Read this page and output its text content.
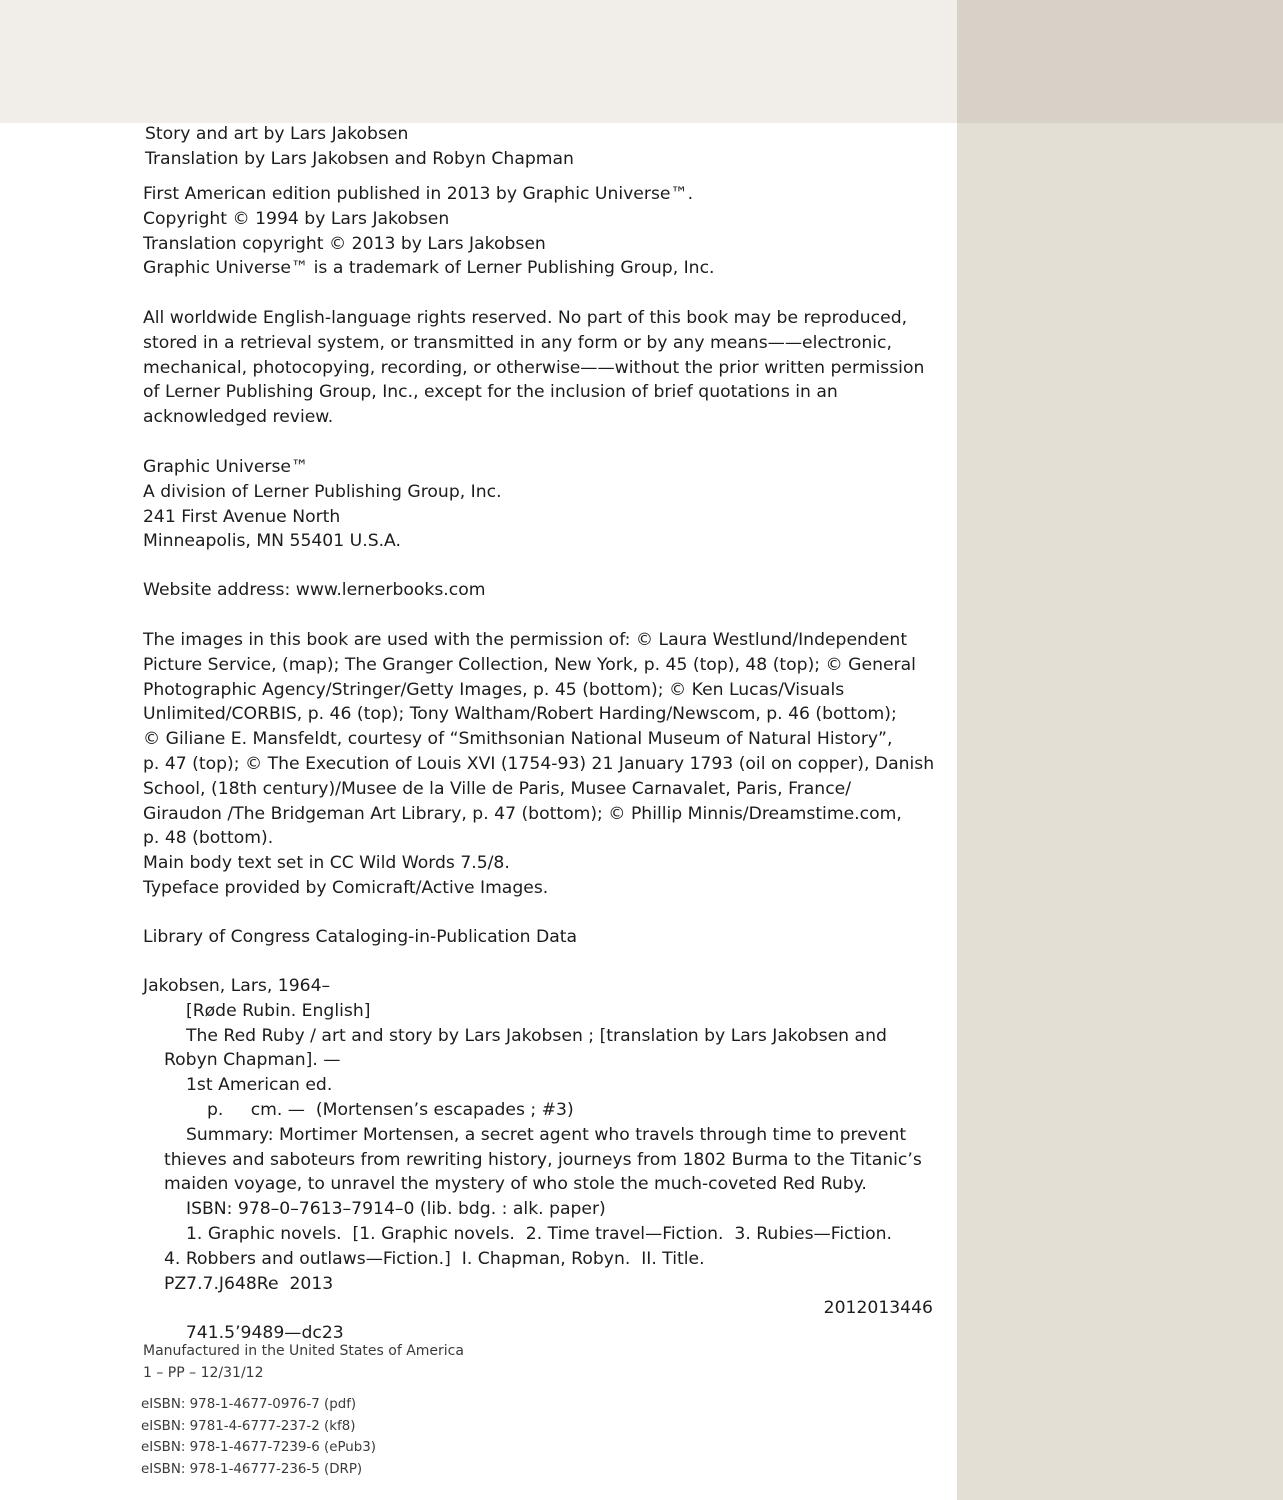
Story and art by Lars Jakobsen
Translation by Lars Jakobsen and Robyn Chapman
First American edition published in 2013 by Graphic Universe™.
Copyright © 1994 by Lars Jakobsen
Translation copyright © 2013 by Lars Jakobsen
Graphic Universe™ is a trademark of Lerner Publishing Group, Inc.
All worldwide English-language rights reserved. No part of this book may be reproduced,
stored in a retrieval system, or transmitted in any form or by any means——electronic,
mechanical, photocopying, recording, or otherwise——without the prior written permission
of Lerner Publishing Group, Inc., except for the inclusion of brief quotations in an
acknowledged review.
Graphic Universe™
A division of Lerner Publishing Group, Inc.
241 First Avenue North
Minneapolis, MN 55401 U.S.A.
Website address: www.lernerbooks.com
The images in this book are used with the permission of: © Laura Westlund/Independent
Picture Service, (map); The Granger Collection, New York, p. 45 (top), 48 (top); © General
Photographic Agency/Stringer/Getty Images, p. 45 (bottom); © Ken Lucas/Visuals
Unlimited/CORBIS, p. 46 (top); Tony Waltham/Robert Harding/Newscom, p. 46 (bottom);
© Giliane E. Mansfeldt, courtesy of “Smithsonian National Museum of Natural History”,
p. 47 (top); © The Execution of Louis XVI (1754-93) 21 January 1793 (oil on copper), Danish
School, (18th century)/Musee de la Ville de Paris, Musee Carnavalet, Paris, France/
Giraudon /The Bridgeman Art Library, p. 47 (bottom); © Phillip Minnis/Dreamstime.com,
p. 48 (bottom).
Main body text set in CC Wild Words 7.5/8.
Typeface provided by Comicraft/Active Images.
Library of Congress Cataloging-in-Publication Data
Jakobsen, Lars, 1964–
[Røde Rubin. English]
The Red Ruby / art and story by Lars Jakobsen ; [translation by Lars Jakobsen and
Robyn Chapman]. —
1st American ed.
p.     cm. —  (Mortensen’s escapades ; #3)
Summary: Mortimer Mortensen, a secret agent who travels through time to prevent
thieves and saboteurs from rewriting history, journeys from 1802 Burma to the Titanic’s
maiden voyage, to unravel the mystery of who stole the much-coveted Red Ruby.
ISBN: 978–0–7613–7914–0 (lib. bdg. : alk. paper)
1. Graphic novels.  [1. Graphic novels.  2. Time travel—Fiction.  3. Rubies—Fiction.
4. Robbers and outlaws—Fiction.]  I. Chapman, Robyn.  II. Title.
PZ7.7.J648Re  2013

741.5’9489—dc23

2012013446

Manufactured in the United States of America
1 – PP – 12/31/12
eISBN: 978-1-4677-0976-7 (pdf)
eISBN: 9781-4-6777-237-2 (kf8)
eISBN: 978-1-4677-7239-6 (ePub3)
eISBN: 978-1-46777-236-5 (DRP)
